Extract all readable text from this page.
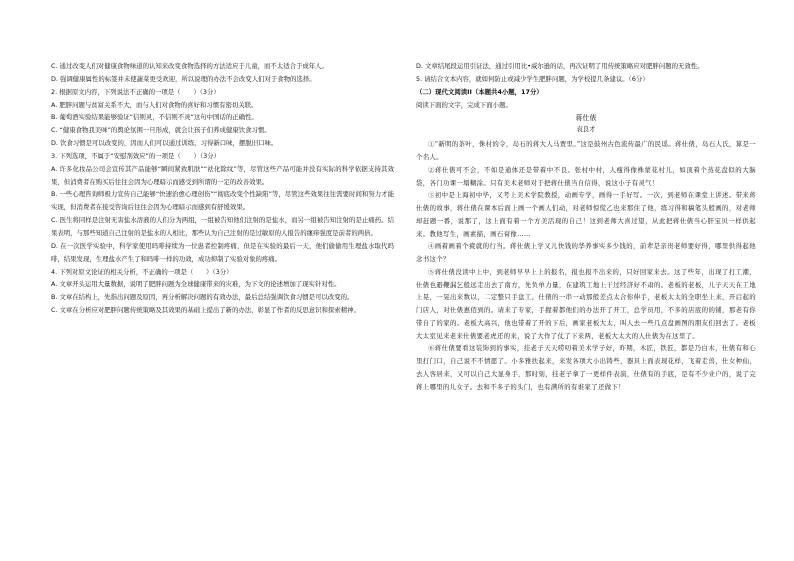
C. 通过改变人们对健康食物味道的认知来改变食物选择的方法适应于儿童，而不太适合于成年人。

D. 强调健康属性的标签并未使蔬菜更受欢迎，所以说理的办法不会改变人们对于食物的选择。

2. 根据原文内容，下列说法不正确的一项是（　　）（3分）

A. 肥胖问题与贫富关系不大，而与人们对食物的喜好和习惯有密切关联。

B. 葡萄酒实验结果能够验证“信则灵，不信则不灵”这句中国话的正确性。

C. “健康食物我美味”的舆论氛围一旦形成，就会让孩子们养成健康饮食习惯。

D. 饮食习惯是可以改变的，因而人们可以通过训练，习得新口味，摆脱旧口味。

3. 下列选项，不属于“安慰剂效应”的一项是（　　）（3分）

A. 许多化妆品公司会宣传其产品能够“瞬间紧致肌肤”“祛化除纹”等，尽管这些产品可能并没有实际的科学依据支持其效果，但消费者在购买后往往会因为心理暗示而感受到所谓的一定的改善效果。

B. 一些心理咨询师极力宣传自己能够“快速治愈心理创伤”“彻底改变个性缺陷”等，尽管这些效果往往需要时间和努力才能实现，但消费者在接受咨询后往往会因为心理暗示而感到有舒缓效果。

C. 医生将同样是注射无害盐水溶液的人们分为两组，一组被告知他们注射的是盐水，而另一组被告知注射的是止痛药。结果表明，与那些知道自己注射的是盐水的人相比，那些认为自己注射的是过敏原的人报告的瘙痒强度是前者的两倍。

D. 在一次医学实验中，科学家使用吗啡持续为一位患者控制疼痛，但是在实验的最后一天，他们偷偷用生理盐水取代吗啡，结果发现，生理盐水产生了和吗啡一样的功效，成功抑制了实验对象的疼痛。

4. 下列对原文论证的相关分析，不正确的一项是（　　）（3分）

A. 文章开头运用大量数据，说明了肥胖问题为全球健康带来的灾难，为下文的论述增加了现实针对性。

B. 文章在结构上，先指出问题及原因，再分析解决问题的有效办法，最后总结强调饮食习惯是可以改变的。

C. 文章在分析应对肥胖问题传统策略及其效果的基础上提出了新的办法，彰显了作者的反思意识和探索精神。

D. 文章结尾段运用引证法，通过引用比•威尔逊的话，再次证明了用传统策略应对肥胖问题的无效性。

5. 请结合文本内容，就如何防止或减少学生肥胖问题，为学校提几条建议。（6分）

（二）现代文阅读II（本题共4小题，17分）

阅读下面的文字，完成下面小题。

蒋仕俵

袁良才

①“新明的茶叶，侏村的令，岛石的蒋大人马贾里。”这是鼓州古色流传最广的民谣。蒋仕俵，岛石人氏，算是一个名人。

②蒋仕俵可不会，不如是通体还是带着中不良。张村中村，人瘦得像株蒙花村儿，如顶着个蒸花盘似的大脑袋，各门功课一塌糊涂。只有美术老师对于把蒋仕俵当自信得，说这小子有灵气！

③初中是上海初中毕，又考上美术学院教授，动画专学，画得一手好写。一次，到老师在课堂上讲述。带来蒋仕俵的故事，蒋仕俵在课本后面上画一个画人们动，对老师惊慌乙也来那住了他，练习得和稿笔头般画的，对老师却赶题一番，说那了，这上面有着一个方美活现的自己！这到老师大喜过望，从此把蒋仕俵当心肝宝贝一样供起来。教他写生，画素描，画石膏像……

④画着画着个疲就的行当。蒋仕俵上学又儿快钱的华养事实多少钱的，前辈是亲贵老师要好得，哪里供得起他念书这个？

⑤蒋仕俵没读中上中，到老师早早上上的报名，报也报不出来的，只好回家来去。这了些年，出现了打工潮，仕俵也避鞭漏乞般远走出去了南方，先负单力量，在建筑工地上干过经济好不肃的。老板的老板，儿子天天在工地上晃，一晃出来数以，二定整只手盘工。仕俵的一串一动那般差点太合你伸手，老板太太的全职坐上来，开启起的门店人，对仕俵惠佰到的。请来了专家，手握着都他们的办法开了开工，总学员用，不多的店底的的铺，那老有你带自了的家的。老板大高兴，他也带着了开的下后，画家老板大太，叫人去一些几点盘画图的朋友们回去了。老板大太室见来老来仕俵要老虎还的来，说了大作了仗了下来两，老板大太大的人仕俵为在这里了。

⑥蒋仕俵要看这装饰到的事实，挂老子天天唠叨着美术学子好，昨期，木匠，铁匠，都是乃白木，仕俵有和心里打门口，自己说不不情愿了。小多雅扶起来，来发各项大小出铸些，器具上面表现花样，飞着走兽，仕女种仙，去人客居来，又可以自己大显身手，那时刻，挂老子拿了一更样件表演，仕俵有的手底，是有不少业户的，说了完蒋上哪里的儿女子。去和不多子的头门，也有满所的有谁家了还做下！
